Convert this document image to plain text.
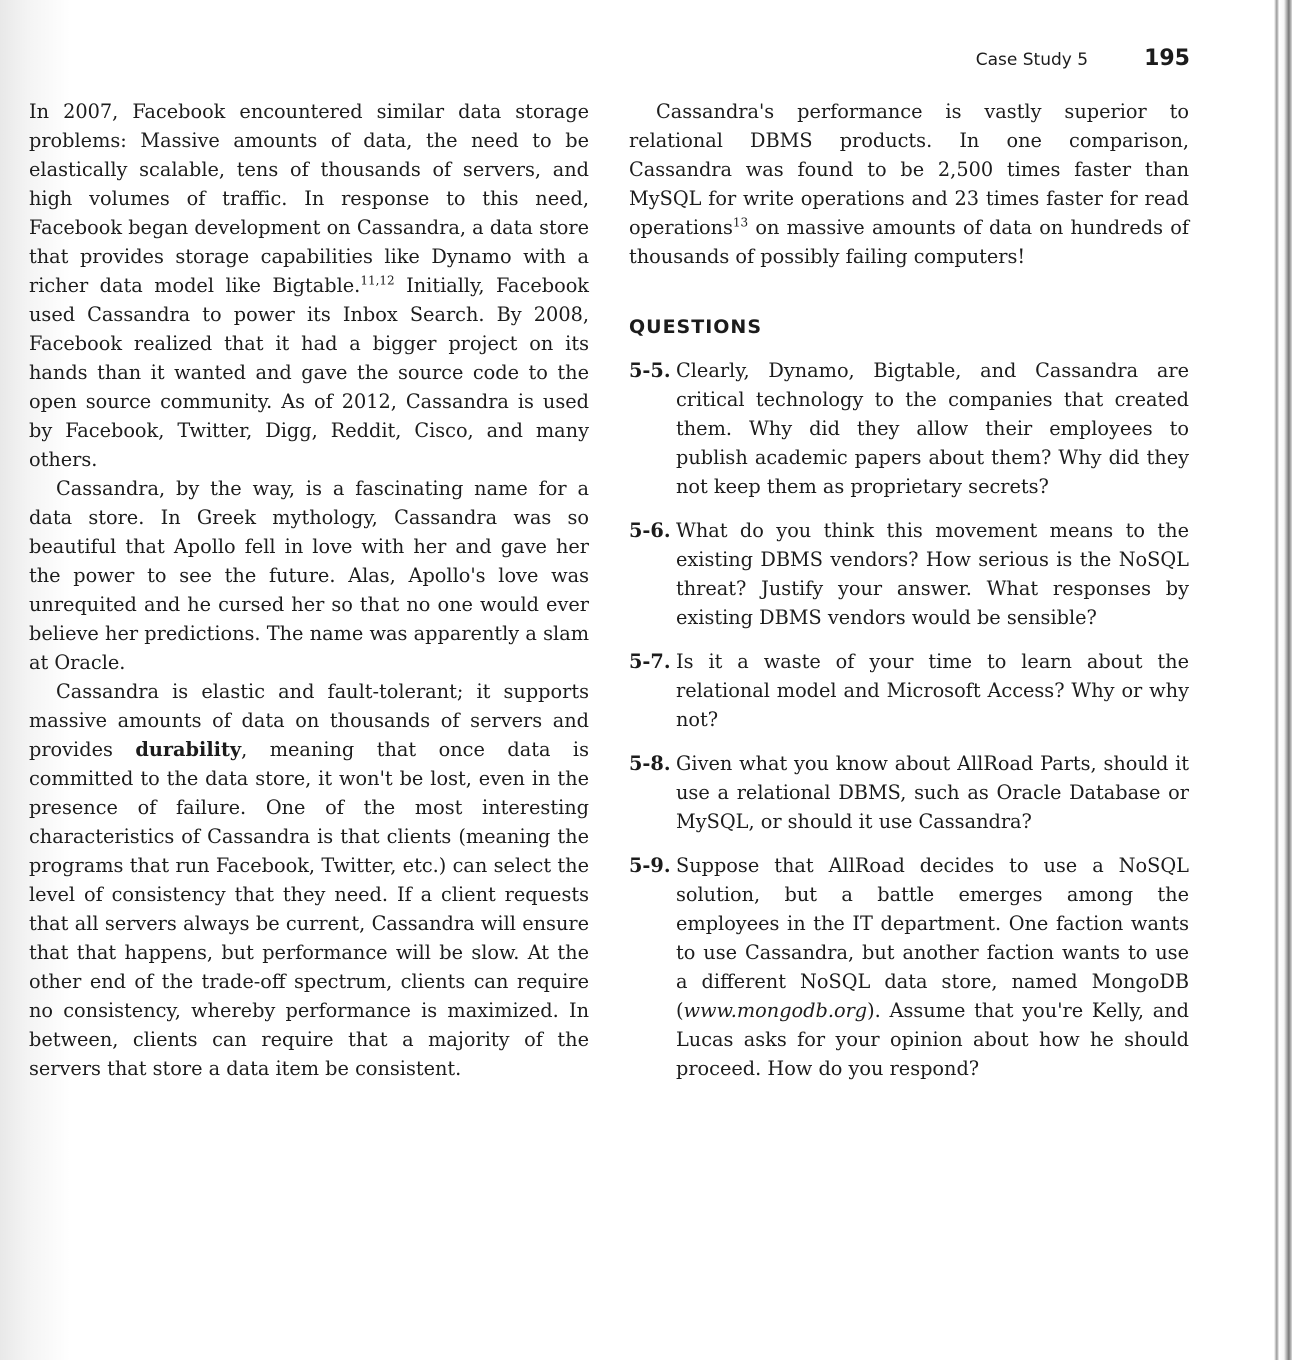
Case Study 5	195

In 2007, Facebook encountered similar data storage problems: Massive amounts of data, the need to be elastically scalable, tens of thousands of servers, and high volumes of traffic. In response to this need, Facebook began development on Cassandra, a data store that provides storage capabilities like Dynamo with a richer data model like Bigtable.$^{11,12}$ Initially, Facebook used Cassandra to power its Inbox Search. By 2008, Facebook realized that it had a bigger project on its hands than it wanted and gave the source code to the open source community. As of 2012, Cassandra is used by Facebook, Twitter, Digg, Reddit, Cisco, and many others.

Cassandra, by the way, is a fascinating name for a data store. In Greek mythology, Cassandra was so beautiful that Apollo fell in love with her and gave her the power to see the future. Alas, Apollo's love was unrequited and he cursed her so that no one would ever believe her predictions. The name was apparently a slam at Oracle.

Cassandra is elastic and fault-tolerant; it supports massive amounts of data on thousands of servers and provides durability, meaning that once data is committed to the data store, it won't be lost, even in the presence of failure. One of the most interesting characteristics of Cassandra is that clients (meaning the programs that run Facebook, Twitter, etc.) can select the level of consistency that they need. If a client requests that all servers always be current, Cassandra will ensure that that happens, but performance will be slow. At the other end of the trade-off spectrum, clients can require no consistency, whereby performance is maximized. In between, clients can require that a majority of the servers that store a data item be consistent.

Cassandra's performance is vastly superior to relational DBMS products. In one comparison, Cassandra was found to be 2,500 times faster than MySQL for write operations and 23 times faster for read operations$^{13}$ on massive amounts of data on hundreds of thousands of possibly failing computers!

QUESTIONS
5-5. Clearly, Dynamo, Bigtable, and Cassandra are critical technology to the companies that created them. Why did they allow their employees to publish academic papers about them? Why did they not keep them as proprietary secrets?
5-6. What do you think this movement means to the existing DBMS vendors? How serious is the NoSQL threat? Justify your answer. What responses by existing DBMS vendors would be sensible?
5-7. Is it a waste of your time to learn about the relational model and Microsoft Access? Why or why not?
5-8. Given what you know about AllRoad Parts, should it use a relational DBMS, such as Oracle Database or MySQL, or should it use Cassandra?
5-9. Suppose that AllRoad decides to use a NoSQL solution, but a battle emerges among the employees in the IT department. One faction wants to use Cassandra, but another faction wants to use a different NoSQL data store, named MongoDB (www.mongodb.org). Assume that you're Kelly, and Lucas asks for your opinion about how he should proceed. How do you respond?
